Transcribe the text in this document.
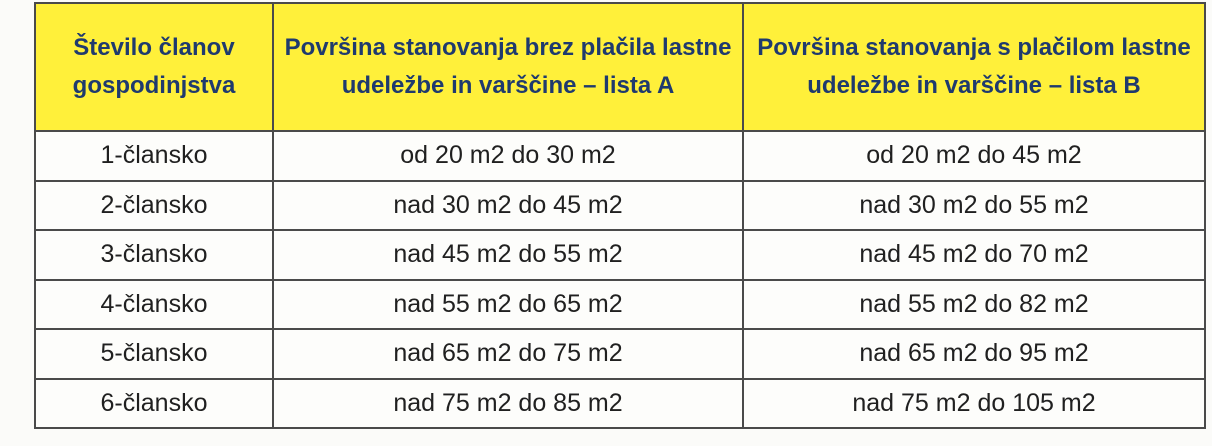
Število članov gospodinjstva	Površina stanovanja brez plačila lastne udeležbe in varščine – lista A	Površina stanovanja s plačilom lastne udeležbe in varščine – lista B
1-člansko	od 20 m2 do 30 m2	od 20 m2 do 45 m2
2-člansko	nad 30 m2 do 45 m2	nad 30 m2 do 55 m2
3-člansko	nad 45 m2 do 55 m2	nad 45 m2 do 70 m2
4-člansko	nad 55 m2 do 65 m2	nad 55 m2 do 82 m2
5-člansko	nad 65 m2 do 75 m2	nad 65 m2 do 95 m2
6-člansko	nad 75 m2 do 85 m2	nad 75 m2 do 105 m2
